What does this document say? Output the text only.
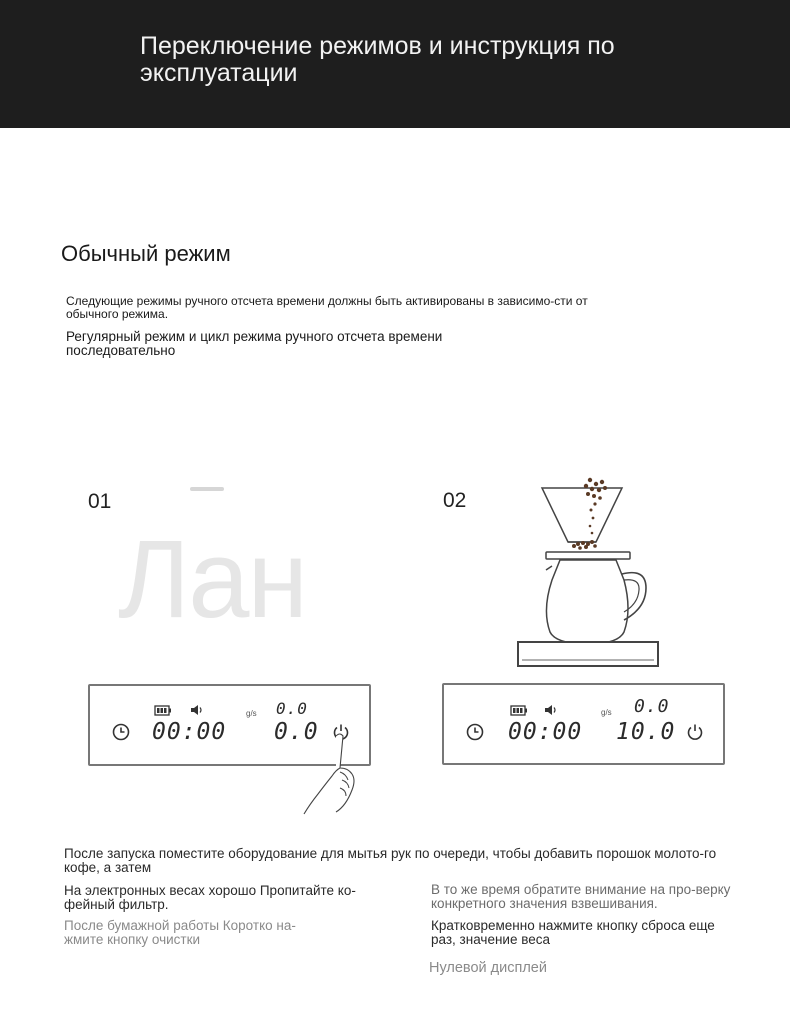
Переключение режимов и инструкция по эксплуатации
Обычный режим
Следующие режимы ручного отсчета времени должны быть активированы в зависимо-сти от обычного режима.
Регулярный режим и цикл режима ручного отсчета времени последовательно
Лан
01	02
00:00
g/s 0.0
0.0	00:00
g/s 0.0
10.0
После запуска поместите оборудование для мытья рук по очереди, чтобы добавить порошок молото-го кофе, а затем
На электронных весах хорошо Пропитайте ко-фейный фильтр.
После бумажной работы Коротко на-жмите кнопку очистки
В то же время обратите внимание на про-верку конкретного значения взвешивания.
Кратковременно нажмите кнопку сброса еще раз, значение веса
Нулевой дисплей
